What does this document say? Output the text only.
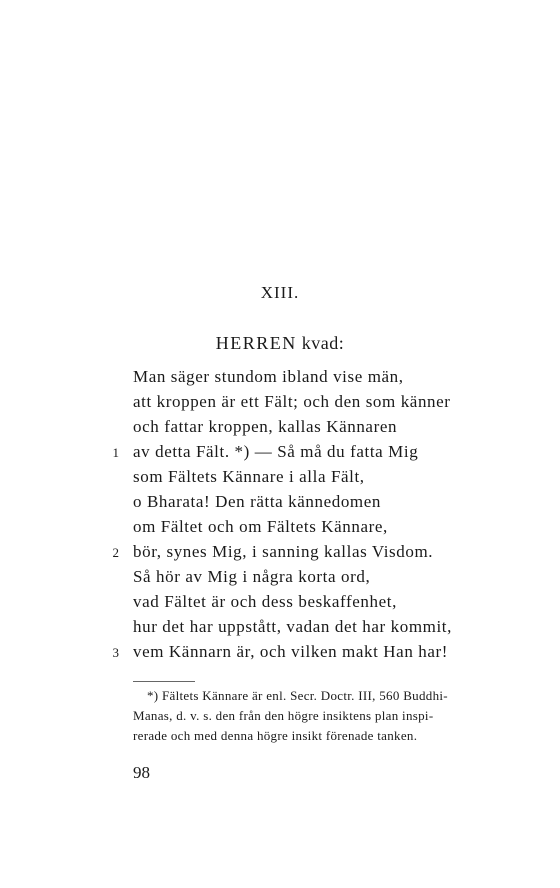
XIII.
HERREN kvad:
Man säger stundom ibland vise män,
att kroppen är ett Fält; och den som känner
och fattar kroppen, kallas Kännaren
1 av detta Fält. *) — Så må du fatta Mig
som Fältets Kännare i alla Fält,
o Bharata! Den rätta kännedomen
om Fältet och om Fältets Kännare,
2 bör, synes Mig, i sanning kallas Visdom.
Så hör av Mig i några korta ord,
vad Fältet är och dess beskaffenhet,
hur det har uppstått, vadan det har kommit,
3 vem Kännarn är, och vilken makt Han har!
*) Fältets Kännare är enl. Secr. Doctr. III, 560 Buddhi-
Manas, d. v. s. den från den högre insiktens plan inspi-
rerade och med denna högre insikt förenade tanken.
98
